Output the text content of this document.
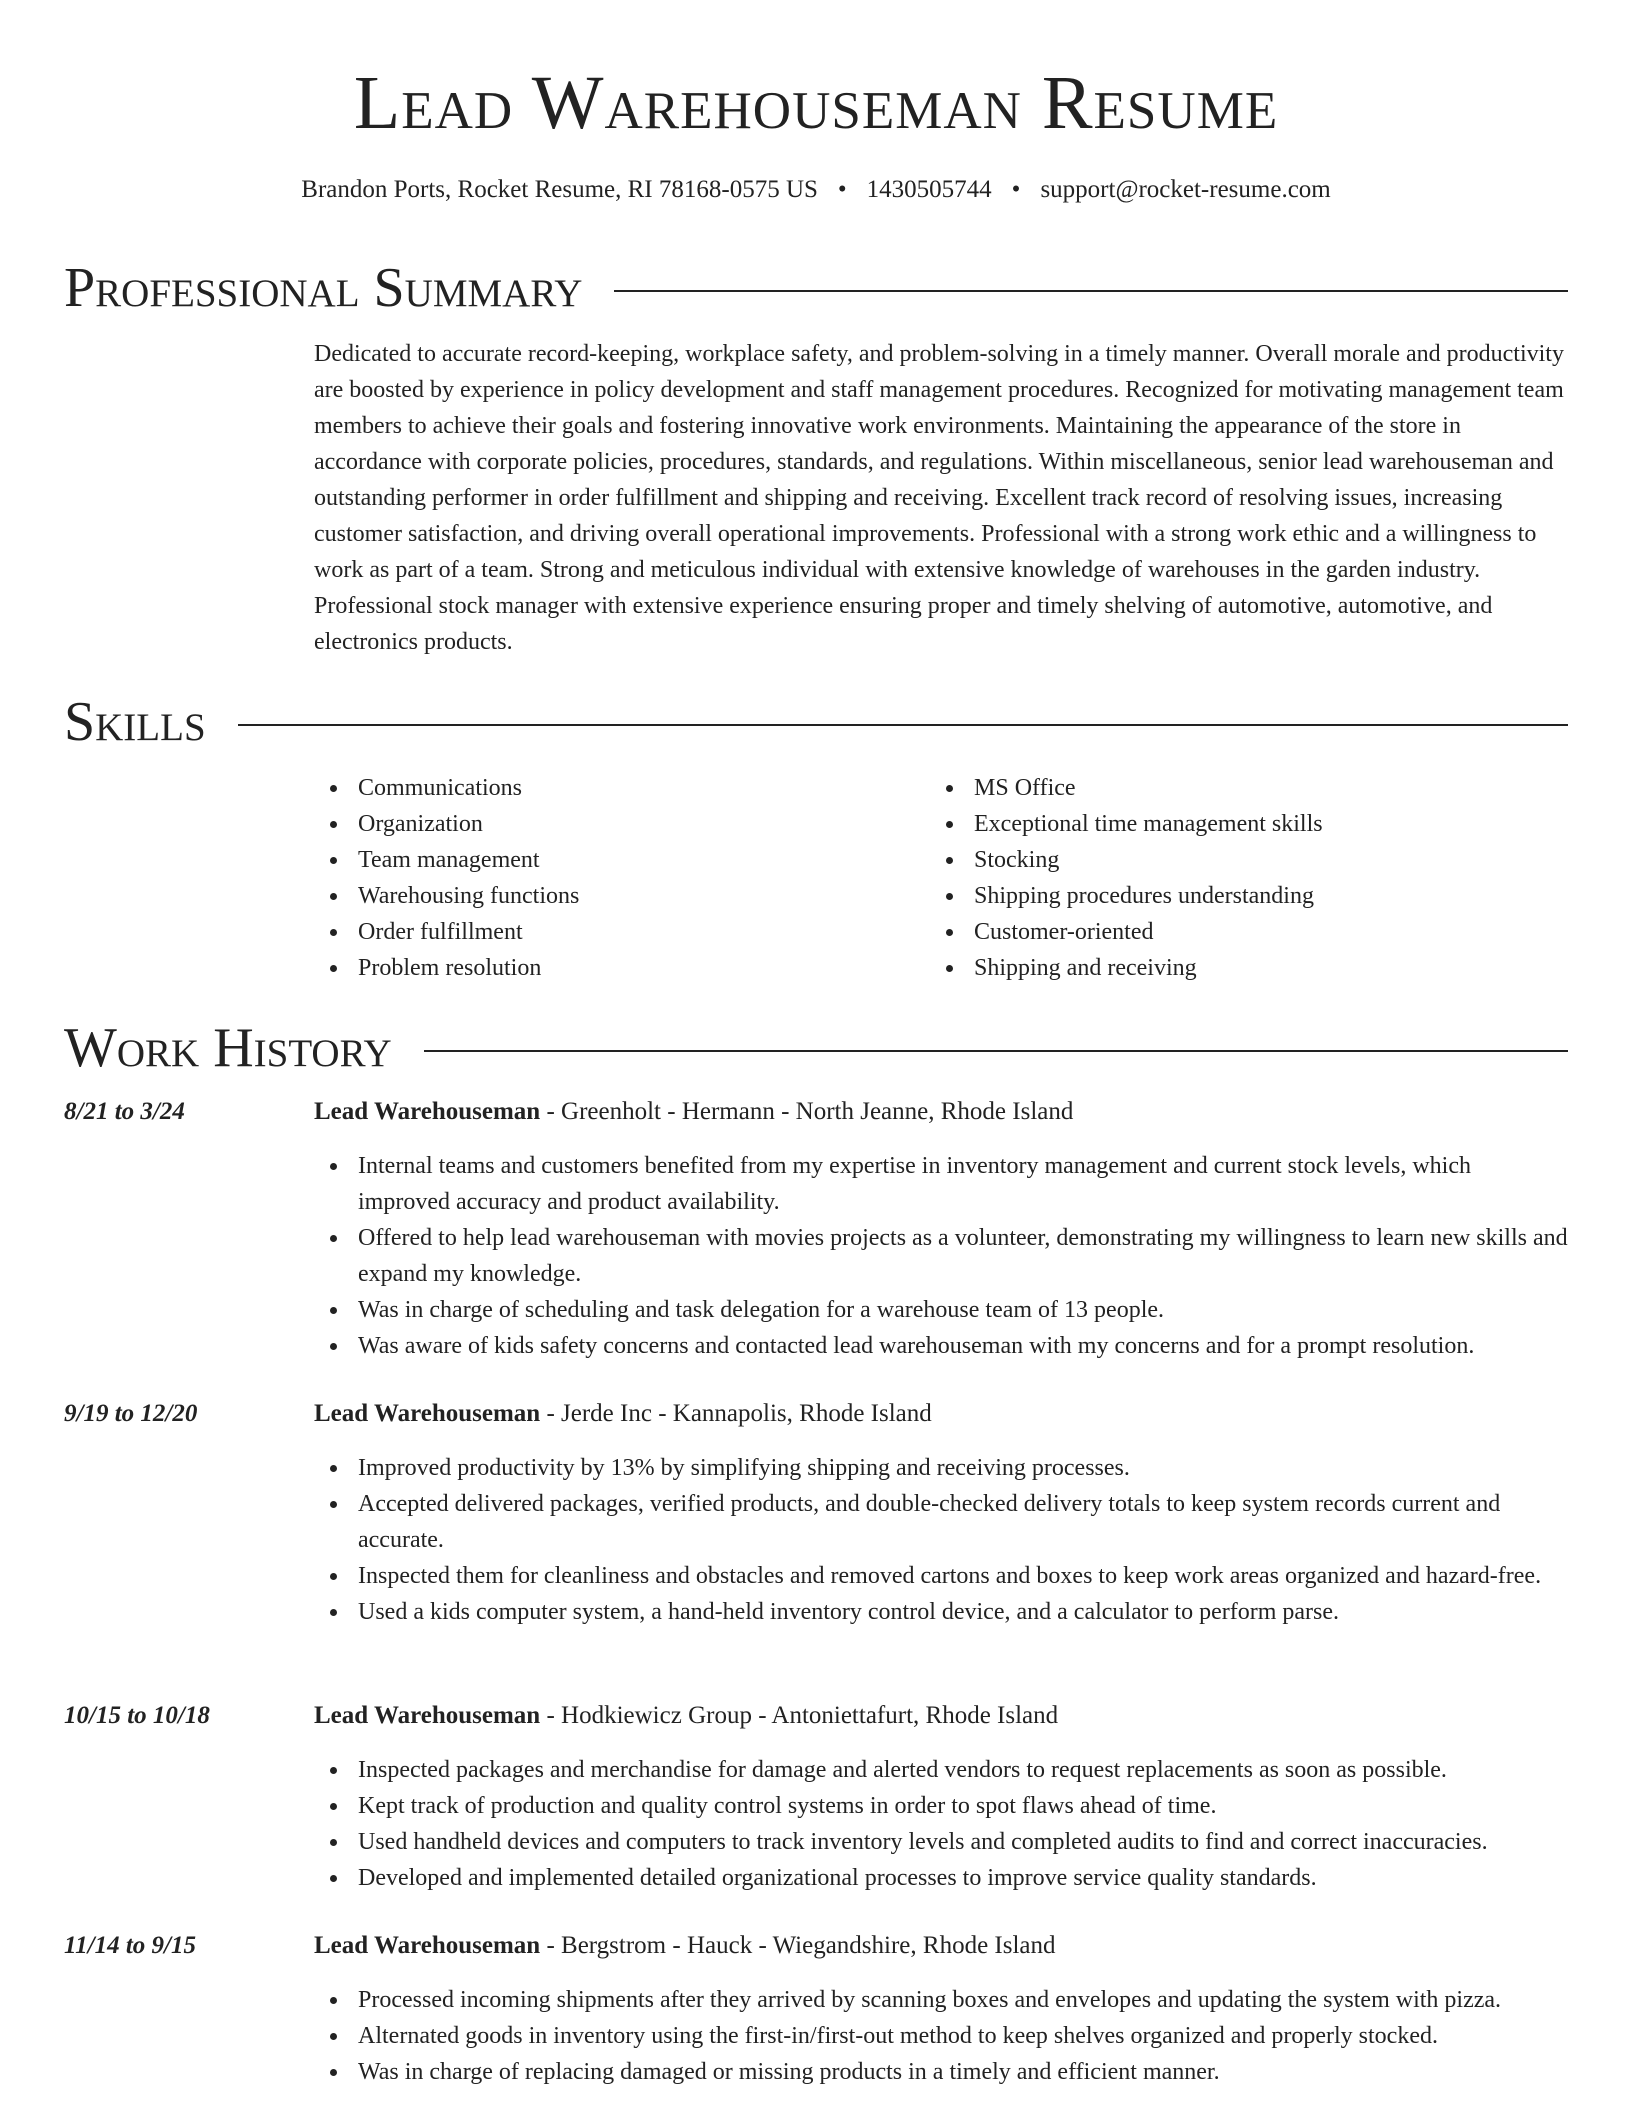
Lead Warehouseman Resume
Brandon Ports, Rocket Resume, RI 78168-0575 US • 1430505744 • support@rocket-resume.com
Professional Summary
Dedicated to accurate record-keeping, workplace safety, and problem-solving in a timely manner. Overall morale and productivity are boosted by experience in policy development and staff management procedures. Recognized for motivating management team members to achieve their goals and fostering innovative work environments. Maintaining the appearance of the store in accordance with corporate policies, procedures, standards, and regulations. Within miscellaneous, senior lead warehouseman and outstanding performer in order fulfillment and shipping and receiving. Excellent track record of resolving issues, increasing customer satisfaction, and driving overall operational improvements. Professional with a strong work ethic and a willingness to work as part of a team. Strong and meticulous individual with extensive knowledge of warehouses in the garden industry. Professional stock manager with extensive experience ensuring proper and timely shelving of automotive, automotive, and electronics products.
Skills
Communications
Organization
Team management
Warehousing functions
Order fulfillment
Problem resolution
MS Office
Exceptional time management skills
Stocking
Shipping procedures understanding
Customer-oriented
Shipping and receiving
Work History
8/21 to 3/24	Lead Warehouseman - Greenholt - Hermann - North Jeanne, Rhode Island
Internal teams and customers benefited from my expertise in inventory management and current stock levels, which improved accuracy and product availability.
Offered to help lead warehouseman with movies projects as a volunteer, demonstrating my willingness to learn new skills and expand my knowledge.
Was in charge of scheduling and task delegation for a warehouse team of 13 people.
Was aware of kids safety concerns and contacted lead warehouseman with my concerns and for a prompt resolution.
9/19 to 12/20	Lead Warehouseman - Jerde Inc - Kannapolis, Rhode Island
Improved productivity by 13% by simplifying shipping and receiving processes.
Accepted delivered packages, verified products, and double-checked delivery totals to keep system records current and accurate.
Inspected them for cleanliness and obstacles and removed cartons and boxes to keep work areas organized and hazard-free.
Used a kids computer system, a hand-held inventory control device, and a calculator to perform parse.
10/15 to 10/18	Lead Warehouseman - Hodkiewicz Group - Antoniettafurt, Rhode Island
Inspected packages and merchandise for damage and alerted vendors to request replacements as soon as possible.
Kept track of production and quality control systems in order to spot flaws ahead of time.
Used handheld devices and computers to track inventory levels and completed audits to find and correct inaccuracies.
Developed and implemented detailed organizational processes to improve service quality standards.
11/14 to 9/15	Lead Warehouseman - Bergstrom - Hauck - Wiegandshire, Rhode Island
Processed incoming shipments after they arrived by scanning boxes and envelopes and updating the system with pizza.
Alternated goods in inventory using the first-in/first-out method to keep shelves organized and properly stocked.
Was in charge of replacing damaged or missing products in a timely and efficient manner.
